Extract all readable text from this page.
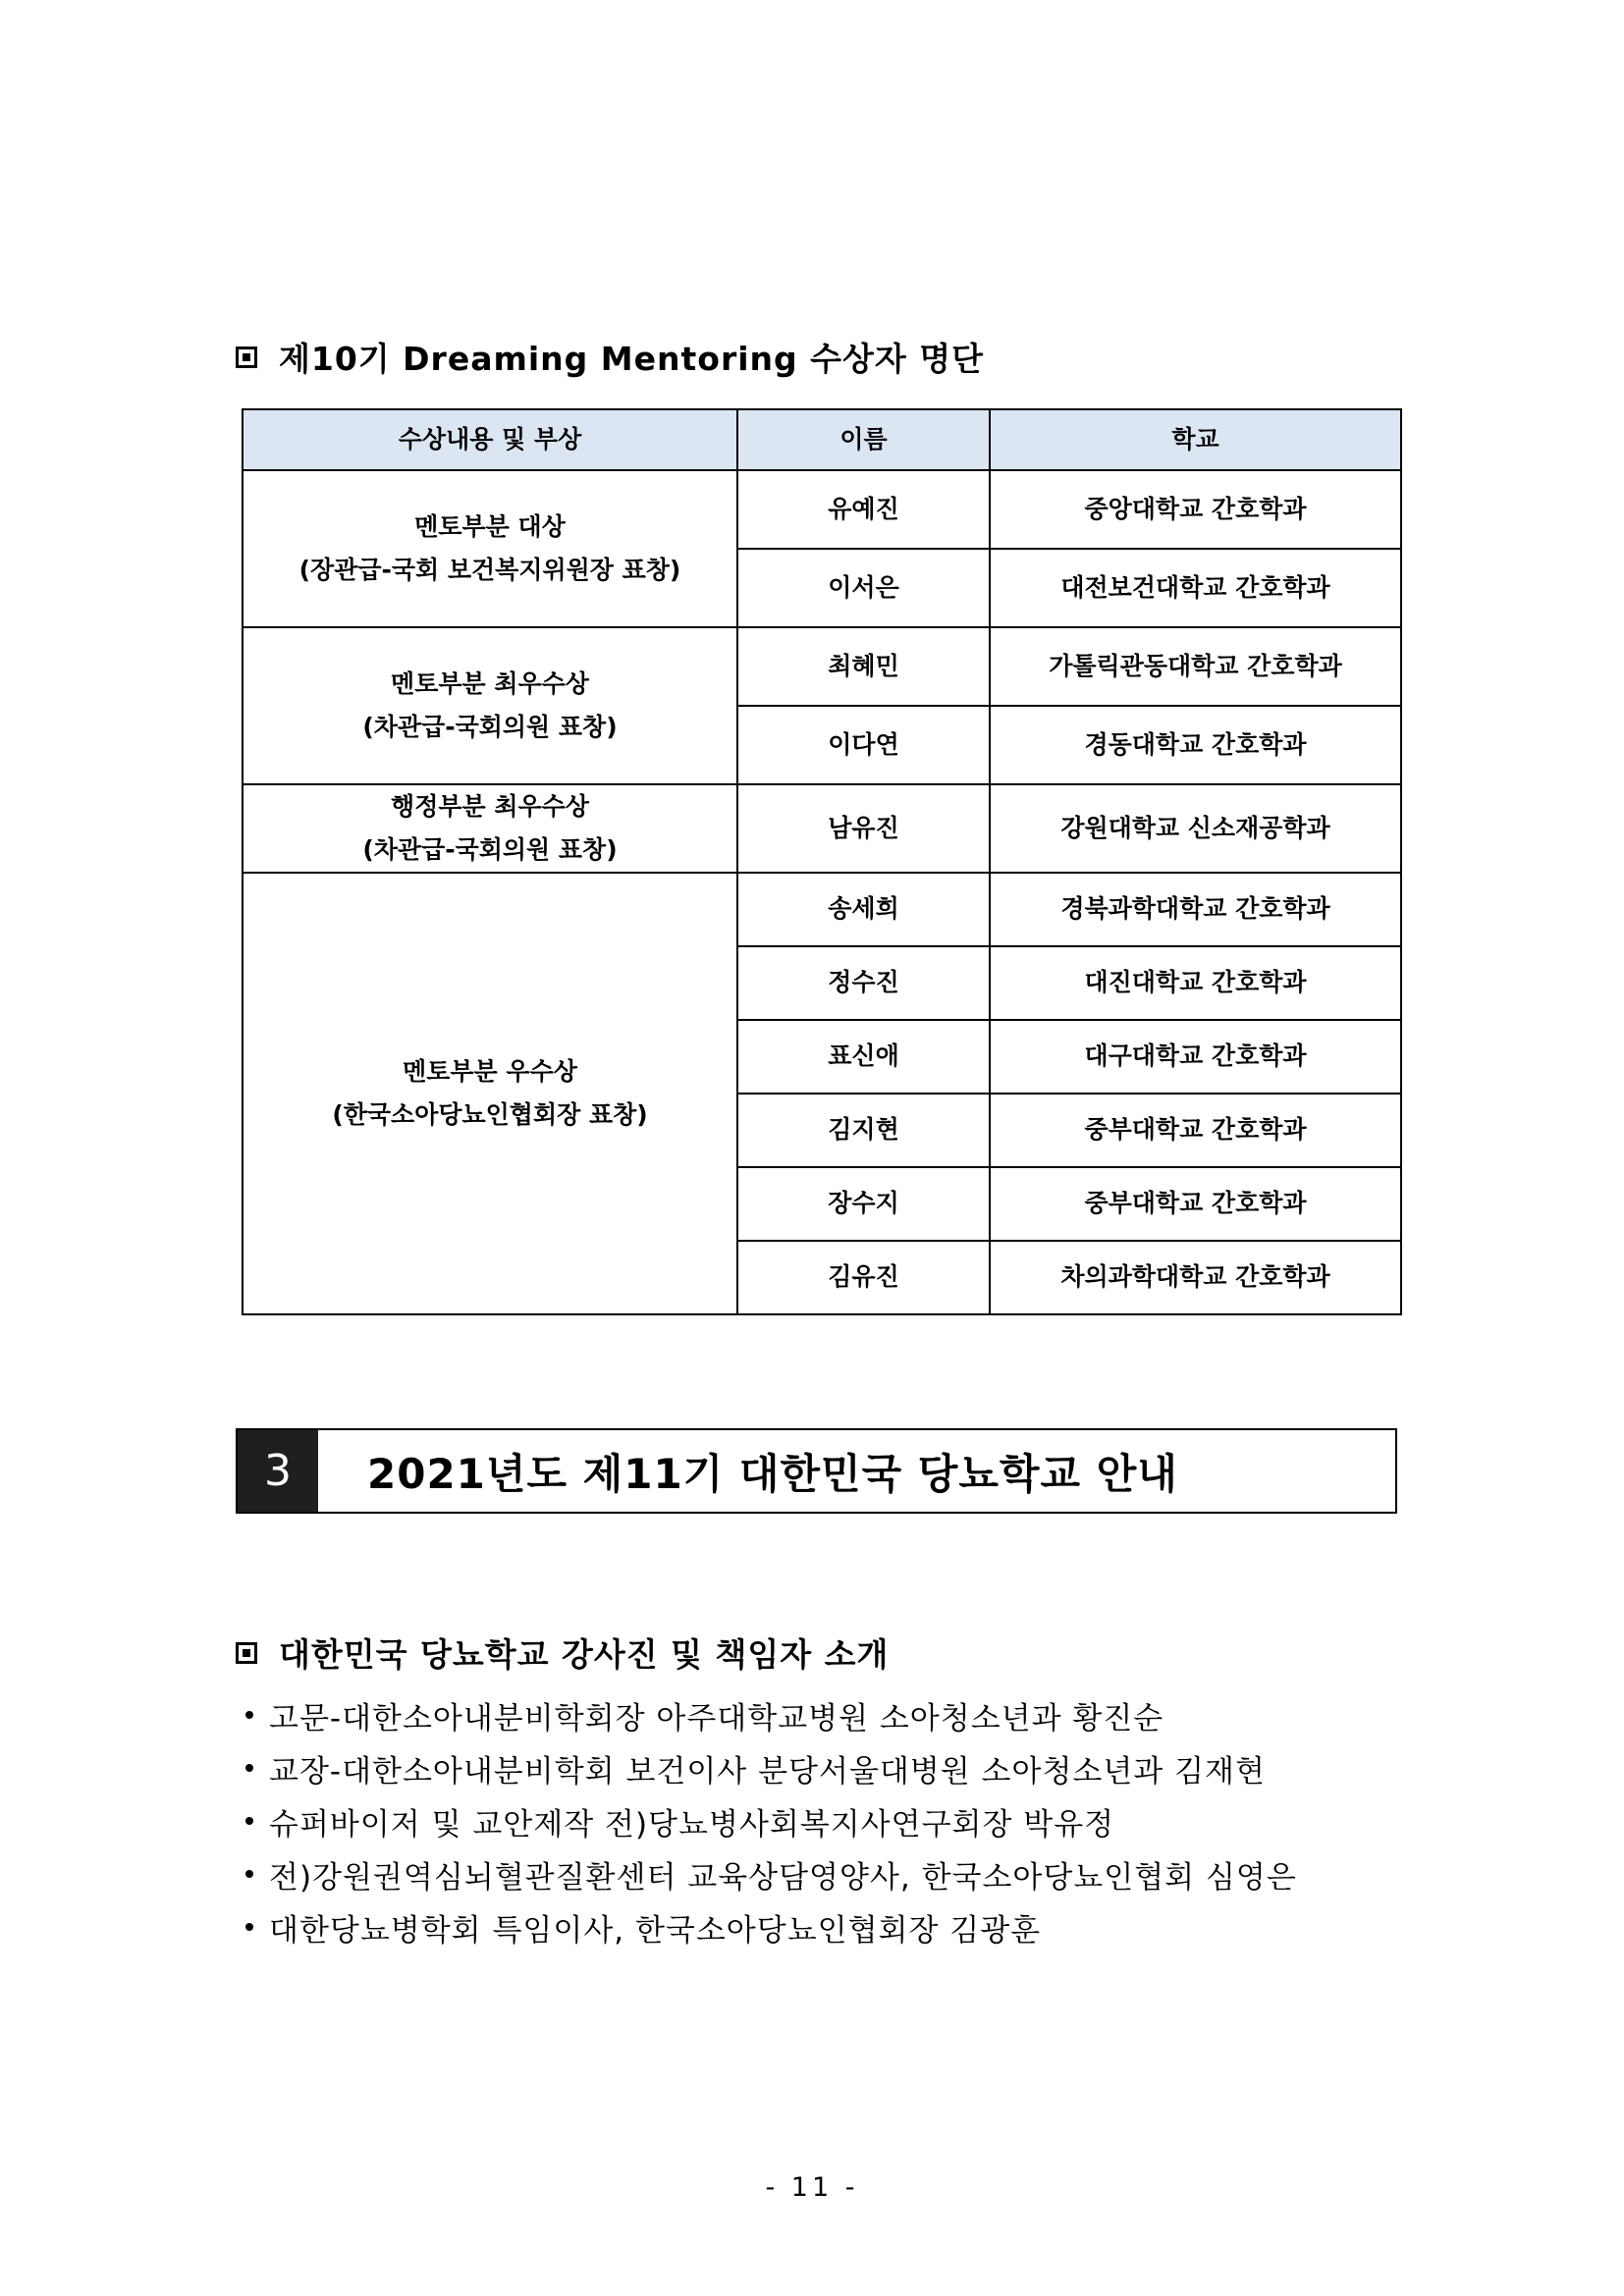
제10기 Dreaming Mentoring 수상자 명단
수상내용 및 부상	이름	학교

멘토부분 대상
(장관급-국회 보건복지위원장 표창)	유예진	중앙대학교 간호학과
	이서은	대전보건대학교 간호학과

멘토부분 최우수상
(차관급-국회의원 표창)	최혜민	가톨릭관동대학교 간호학과
	이다연	경동대학교 간호학과

행정부분 최우수상
(차관급-국회의원 표창)	남유진	강원대학교 신소재공학과

멘토부분 우수상
(한국소아당뇨인협회장 표창)	송세희	경북과학대학교 간호학과
	정수진	대진대학교 간호학과
	표신애	대구대학교 간호학과
	김지현	중부대학교 간호학과
	장수지	중부대학교 간호학과
	김유진	차의과학대학교 간호학과
3	2021년도 제11기 대한민국 당뇨학교 안내
대한민국 당뇨학교 강사진 및 책임자 소개
고문-대한소아내분비학회장 아주대학교병원 소아청소년과 황진순
교장-대한소아내분비학회 보건이사 분당서울대병원 소아청소년과 김재현
슈퍼바이저 및 교안제작 전)당뇨병사회복지사연구회장 박유정
전)강원권역심뇌혈관질환센터 교육상담영양사, 한국소아당뇨인협회 심영은
대한당뇨병학회 특임이사, 한국소아당뇨인협회장 김광훈
- 11 -
